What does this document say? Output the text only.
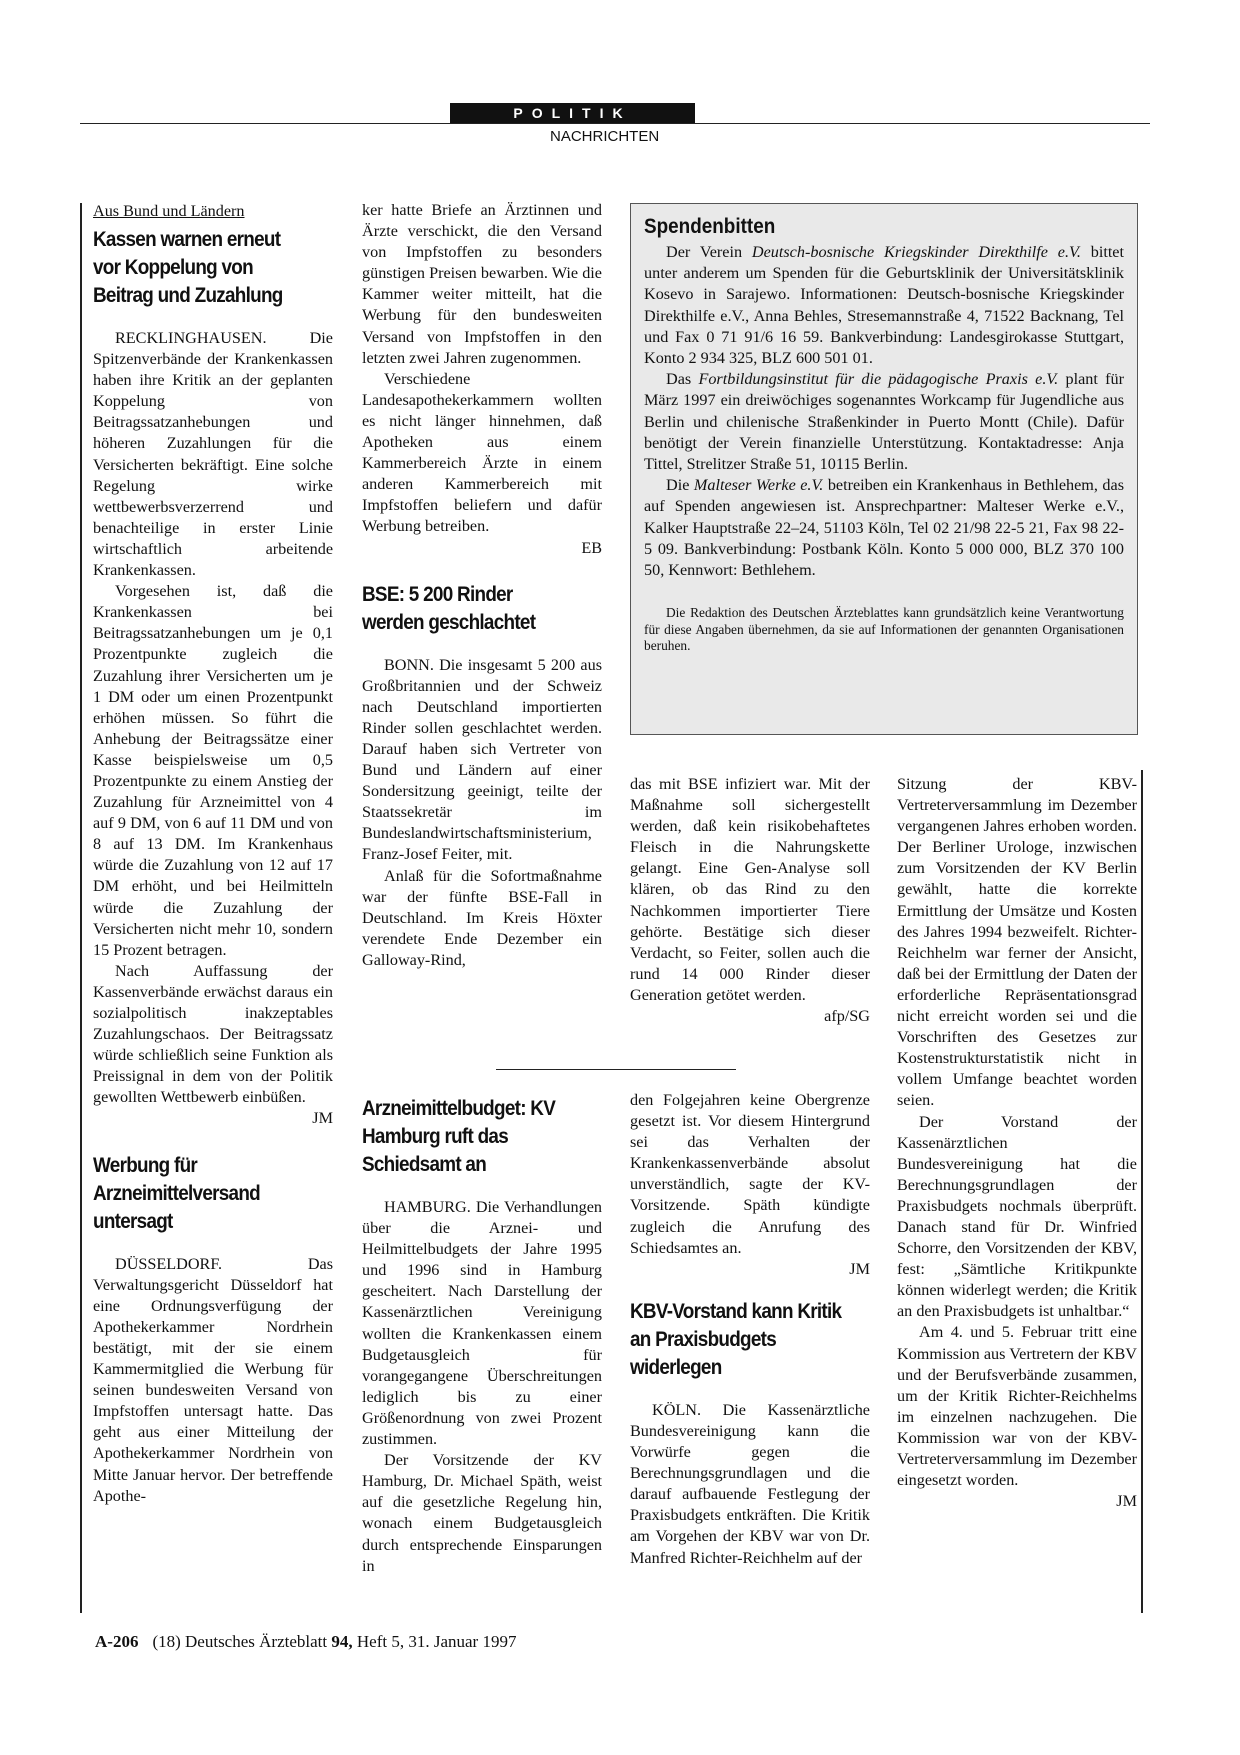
POLITIK
NACHRICHTEN
Aus Bund und Ländern
Kassen warnen erneut vor Koppelung von Beitrag und Zuzahlung

RECKLINGHAUSEN. Die Spitzenverbände der Krankenkassen haben ihre Kritik an der geplanten Koppelung von Beitragssatzanhebungen und höheren Zuzahlungen für die Versicherten bekräftigt. Eine solche Regelung wirke wettbewerbsverzerrend und benachteilige in erster Linie wirtschaftlich arbeitende Krankenkassen.

Vorgesehen ist, daß die Krankenkassen bei Beitragssatzanhebungen um je 0,1 Prozentpunkte zugleich die Zuzahlung ihrer Versicherten um je 1 DM oder um einen Prozentpunkt erhöhen müssen. So führt die Anhebung der Beitragssätze einer Kasse beispielsweise um 0,5 Prozentpunkte zu einem Anstieg der Zuzahlung für Arzneimittel von 4 auf 9 DM, von 6 auf 11 DM und von 8 auf 13 DM. Im Krankenhaus würde die Zuzahlung von 12 auf 17 DM erhöht, und bei Heilmitteln würde die Zuzahlung der Versicherten nicht mehr 10, sondern 15 Prozent betragen.

Nach Auffassung der Kassenverbände erwächst daraus ein sozialpolitisch inakzeptables Zuzahlungschaos. Der Beitragssatz würde schließlich seine Funktion als Preissignal in dem von der Politik gewollten Wettbewerb einbüßen.

JM
Werbung für Arzneimittelversand untersagt

DÜSSELDORF. Das Verwaltungsgericht Düsseldorf hat eine Ordnungsverfügung der Apothekerkammer Nordrhein bestätigt, mit der sie einem Kammermitglied die Werbung für seinen bundesweiten Versand von Impfstoffen untersagt hatte. Das geht aus einer Mitteilung der Apothekerkammer Nordrhein von Mitte Januar hervor. Der betreffende Apothe-

ker hatte Briefe an Ärztinnen und Ärzte verschickt, die den Versand von Impfstoffen zu besonders günstigen Preisen bewarben. Wie die Kammer weiter mitteilt, hat die Werbung für den bundesweiten Versand von Impfstoffen in den letzten zwei Jahren zugenommen.

Verschiedene Landesapothekerkammern wollten es nicht länger hinnehmen, daß Apotheken aus einem Kammerbereich Ärzte in einem anderen Kammerbereich mit Impfstoffen beliefern und dafür Werbung betreiben.

EB
BSE: 5 200 Rinder werden geschlachtet

BONN. Die insgesamt 5 200 aus Großbritannien und der Schweiz nach Deutschland importierten Rinder sollen geschlachtet werden. Darauf haben sich Vertreter von Bund und Ländern auf einer Sondersitzung geeinigt, teilte der Staatssekretär im Bundeslandwirtschaftsministerium, Franz-Josef Feiter, mit.

Anlaß für die Sofortmaßnahme war der fünfte BSE-Fall in Deutschland. Im Kreis Höxter verendete Ende Dezember ein Galloway-Rind,

Arzneimittelbudget: KV Hamburg ruft das Schiedsamt an

HAMBURG. Die Verhandlungen über die Arznei- und Heilmittelbudgets der Jahre 1995 und 1996 sind in Hamburg gescheitert. Nach Darstellung der Kassenärztlichen Vereinigung wollten die Krankenkassen einem Budgetausgleich für vorangegangene Überschreitungen lediglich bis zu einer Größenordnung von zwei Prozent zustimmen.

Der Vorsitzende der KV Hamburg, Dr. Michael Späth, weist auf die gesetzliche Regelung hin, wonach einem Budgetausgleich durch entsprechende Einsparungen in

Spendenbitten

Der Verein Deutsch-bosnische Kriegskinder Direkthilfe e.V. bittet unter anderem um Spenden für die Geburtsklinik der Universitätsklinik Kosevo in Sarajewo. Informationen: Deutsch-bosnische Kriegskinder Direkthilfe e.V., Anna Behles, Stresemannstraße 4, 71522 Backnang, Tel und Fax 0 71 91/6 16 59. Bankverbindung: Landesgirokasse Stuttgart, Konto 2 934 325, BLZ 600 501 01.

Das Fortbildungsinstitut für die pädagogische Praxis e.V. plant für März 1997 ein dreiwöchiges sogenanntes Workcamp für Jugendliche aus Berlin und chilenische Straßenkinder in Puerto Montt (Chile). Dafür benötigt der Verein finanzielle Unterstützung. Kontaktadresse: Anja Tittel, Strelitzer Straße 51, 10115 Berlin.

Die Malteser Werke e.V. betreiben ein Krankenhaus in Bethlehem, das auf Spenden angewiesen ist. Ansprechpartner: Malteser Werke e.V., Kalker Hauptstraße 22–24, 51103 Köln, Tel 02 21/98 22-5 21, Fax 98 22-5 09. Bankverbindung: Postbank Köln. Konto 5 000 000, BLZ 370 100 50, Kennwort: Bethlehem.

Die Redaktion des Deutschen Ärzteblattes kann grundsätzlich keine Verantwortung für diese Angaben übernehmen, da sie auf Informationen der genannten Organisationen beruhen.

das mit BSE infiziert war. Mit der Maßnahme soll sichergestellt werden, daß kein risikobehaftetes Fleisch in die Nahrungskette gelangt. Eine Gen-Analyse soll klären, ob das Rind zu den Nachkommen importierter Tiere gehörte. Bestätige sich dieser Verdacht, so Feiter, sollen auch die rund 14 000 Rinder dieser Generation getötet werden.

afp/SG

den Folgejahren keine Obergrenze gesetzt ist. Vor diesem Hintergrund sei das Verhalten der Krankenkassenverbände absolut unverständlich, sagte der KV-Vorsitzende. Späth kündigte zugleich die Anrufung des Schiedsamtes an.

JM
KBV-Vorstand kann Kritik an Praxisbudgets widerlegen

KÖLN. Die Kassenärztliche Bundesvereinigung kann die Vorwürfe gegen die Berechnungsgrundlagen und die darauf aufbauende Festlegung der Praxisbudgets entkräften. Die Kritik am Vorgehen der KBV war von Dr. Manfred Richter-Reichhelm auf der

Sitzung der KBV-Vertreterversammlung im Dezember vergangenen Jahres erhoben worden. Der Berliner Urologe, inzwischen zum Vorsitzenden der KV Berlin gewählt, hatte die korrekte Ermittlung der Umsätze und Kosten des Jahres 1994 bezweifelt. Richter-Reichhelm war ferner der Ansicht, daß bei der Ermittlung der Daten der erforderliche Repräsentationsgrad nicht erreicht worden sei und die Vorschriften des Gesetzes zur Kostenstrukturstatistik nicht in vollem Umfange beachtet worden seien.

Der Vorstand der Kassenärztlichen Bundesvereinigung hat die Berechnungsgrundlagen der Praxisbudgets nochmals überprüft. Danach stand für Dr. Winfried Schorre, den Vorsitzenden der KBV, fest: „Sämtliche Kritikpunkte können widerlegt werden; die Kritik an den Praxisbudgets ist unhaltbar.“

Am 4. und 5. Februar tritt eine Kommission aus Vertretern der KBV und der Berufsverbände zusammen, um der Kritik Richter-Reichhelms im einzelnen nachzugehen. Die Kommission war von der KBV-Vertreterversammlung im Dezember eingesetzt worden.

JM
A-206 (18) Deutsches Ärzteblatt 94, Heft 5, 31. Januar 1997
